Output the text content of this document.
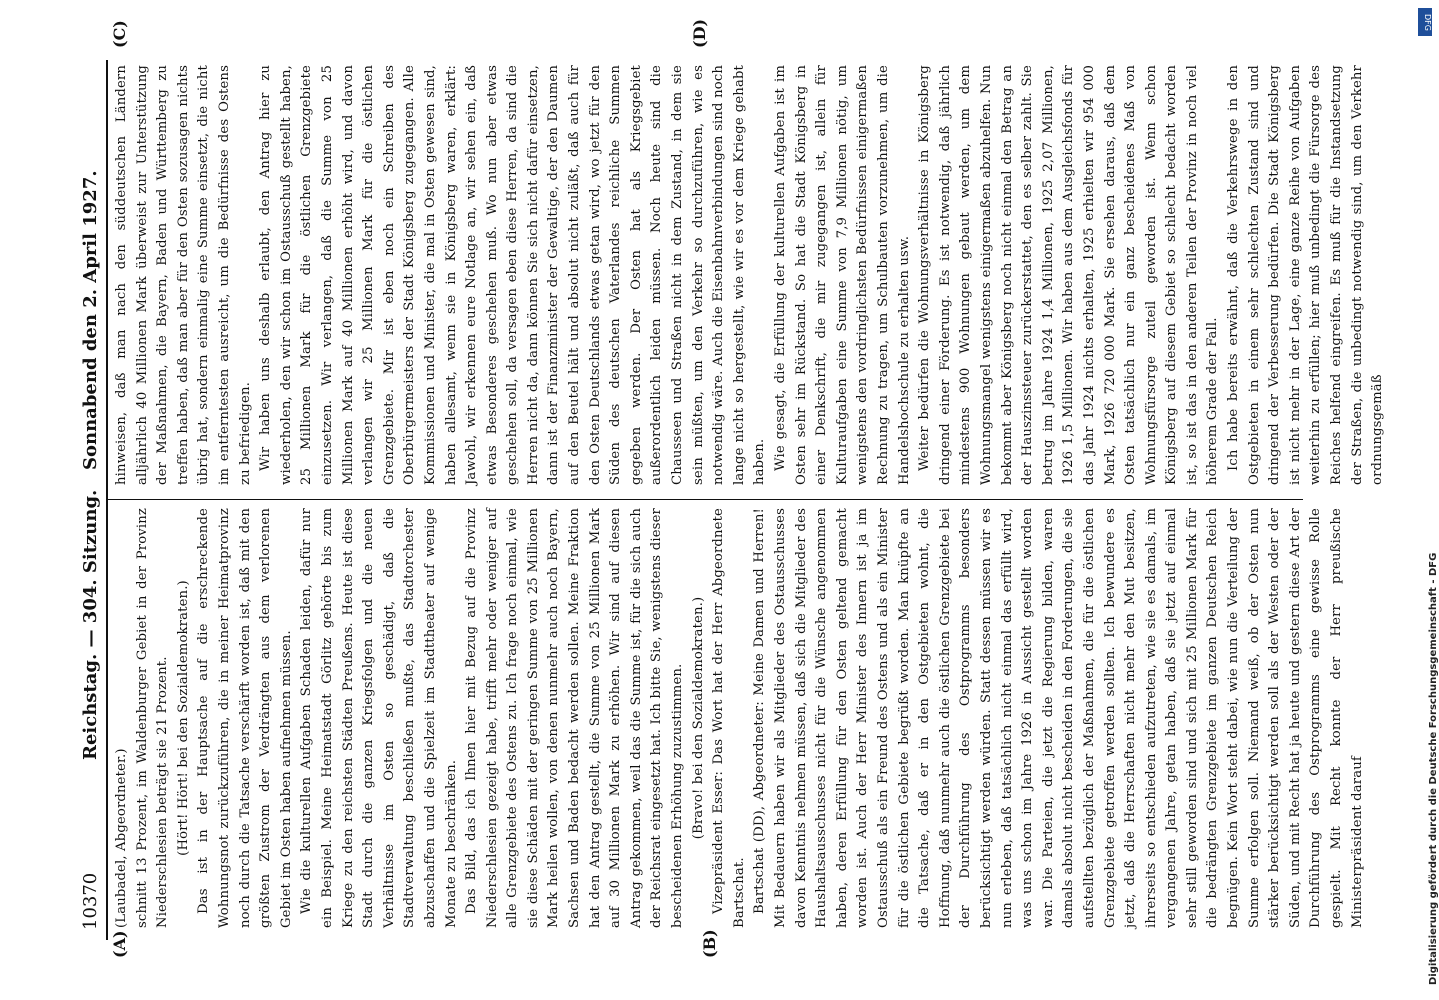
10370
Reichstag. — 304. Sitzung.
Sonnabend den 2. April 1927.
(A)	(B)
(C)	(D)

(Laubadel, Abgeordneter.) schnitt 13 Prozent, im Waldenburger Gebiet in der Provinz Niederschlesien beträgt sie 21 Prozent. (Hört! Hört! bei den Sozialdemokraten.) Das ist in der Hauptsache auf die erschreckende Wohnungsnot zurückzuführen, die in meiner Heimatprovinz noch durch die Tatsache verschärft worden ist, daß mit den größten Zustrom der Verdrängten aus dem verlorenen Gebiet im Osten haben aufnehmen müssen. Wie die kulturellen Aufgaben Schaden leiden, dafür nur ein Beispiel. Meine Heimatstadt Görlitz gehörte bis zum Kriege zu den reichsten Städten Preußens. Heute ist diese Stadt durch die ganzen Kriegsfolgen und die neuen Verhältnisse im Osten so geschädigt, daß die Stadtverwaltung beschließen mußte, das Stadtorchester abzuschaffen und die Spielzeit im Stadttheater auf wenige Monate zu beschränken. Das Bild, das ich Ihnen hier mit Bezug auf die Provinz Niederschlesien gezeigt habe, trifft mehr oder weniger auf alle Grenzgebiete des Ostens zu. Ich frage noch einmal, wie sie diese Schäden mit der geringen Summe von 25 Millionen Mark heilen wollen, von denen nunmehr auch noch Bayern, Sachsen und Baden bedacht werden sollen. Meine Fraktion hat den Antrag gestellt, die Summe von 25 Millionen Mark auf 30 Millionen Mark zu erhöhen. Wir sind auf diesen Antrag gekommen, weil das die Summe ist, für die sich auch der Reichsrat eingesetzt hat. Ich bitte Sie, wenigstens dieser bescheidenen Erhöhung zuzustimmen. (Bravo! bei den Sozialdemokraten.) Vizepräsident Esser: Das Wort hat der Herr Abgeordnete Bartschat. Bartschat (DD), Abgeordneter: Meine Damen und Herren! Mit Bedauern haben wir als Mitglieder des Ostausschusses davon Kenntnis nehmen müssen, daß sich die Mitglieder des Haushaltsausschusses nicht für die Wünsche angenommen haben, deren Erfüllung für den Osten geltend gemacht worden ist. Auch der Herr Minister des Innern ist ja im Ostausschuß als ein Freund des Ostens und als ein Minister für die östlichen Gebiete begrüßt worden. Man knüpfte an die Tatsache, daß er in den Ostgebieten wohnt, die Hoffnung, daß nunmehr auch die östlichen Grenzgebiete bei der Durchführung des Ostprogramms besonders berücksichtigt werden würden. Statt dessen müssen wir es nun erleben, daß tatsächlich nicht einmal das erfüllt wird, was uns schon im Jahre 1926 in Aussicht gestellt worden war. Die Parteien, die jetzt die Regierung bilden, waren damals absolut nicht bescheiden in den Forderungen, die sie aufstellten bezüglich der Maßnahmen, die für die östlichen Grenzgebiete getroffen werden sollten. Ich bewundere es jetzt, daß die Herrschaften nicht mehr den Mut besitzen, ihrerseits so entschieden aufzutreten, wie sie es damals, im vergangenen Jahre, getan haben, daß sie jetzt auf einmal sehr still geworden sind und sich mit 25 Millionen Mark für die bedrängten Grenzgebiete im ganzen Deutschen Reich begnügen. Kein Wort steht dabei, wie nun die Verteilung der Summe erfolgen soll. Niemand weiß, ob der Osten nun stärker berücksichtigt werden soll als der Westen oder der Süden, und mit Recht hat ja heute und gestern diese Art der Durchführung des Ostprogramms eine gewisse Rolle gespielt. Mit Recht konnte der Herr preußische Ministerpräsident darauf

hinweisen, daß man nach den süddeutschen Ländern alljährlich 40 Millionen Mark überweist zur Unterstützung der Maßnahmen, die Bayern, Baden und Württemberg zu treffen haben, daß man aber für den Osten sozusagen nichts übrig hat, sondern einmalig eine Summe einsetzt, die nicht im entferntesten ausreicht, um die Bedürfnisse des Ostens zu befriedigen. Wir haben uns deshalb erlaubt, den Antrag hier zu wiederholen, den wir schon im Ostausschuß gestellt haben, 25 Millionen Mark für die östlichen Grenzgebiete einzusetzen. Wir verlangen, daß die Summe von 25 Millionen Mark auf 40 Millionen erhöht wird, und davon verlangen wir 25 Millionen Mark für die östlichen Grenzgebiete. Mir ist eben noch ein Schreiben des Oberbürgermeisters der Stadt Königsberg zugegangen. Alle Kommissionen und Minister, die mal in Osten gewesen sind, haben allesamt, wenn sie in Königsberg waren, erklärt: Jawohl, wir erkennen eure Notlage an, wir sehen ein, daß etwas Besonderes geschehen muß. Wo nun aber etwas geschehen soll, da versagen eben diese Herren, da sind die Herren nicht da, dann können Sie sich nicht dafür einsetzen, dann ist der Finanzminister der Gewaltige, der den Daumen auf den Beutel hält und absolut nicht zuläßt, daß auch für den Osten Deutschlands etwas getan wird, wo jetzt für den Süden des deutschen Vaterlandes reichliche Summen gegeben werden. Der Osten hat als Kriegsgebiet außerordentlich leiden müssen. Noch heute sind die Chausseen und Straßen nicht in dem Zustand, in dem sie sein müßten, um den Verkehr so durchzuführen, wie es notwendig wäre. Auch die Eisenbahnverbindungen sind noch lange nicht so hergestellt, wie wir es vor dem Kriege gehabt haben. Wie gesagt, die Erfüllung der kulturellen Aufgaben ist im Osten sehr im Rückstand. So hat die Stadt Königsberg in einer Denkschrift, die mir zugegangen ist, allein für Kulturaufgaben eine Summe von 7,9 Millionen nötig, um wenigstens den vordringlichsten Bedürfnissen einigermaßen Rechnung zu tragen, um Schulbauten vorzunehmen, um die Handelshochschule zu erhalten usw. Weiter bedürfen die Wohnungsverhältnisse in Königsberg dringend einer Förderung. Es ist notwendig, daß jährlich mindestens 900 Wohnungen gebaut werden, um dem Wohnungsmangel wenigstens einigermaßen abzuhelfen. Nun bekommt aber Königsberg noch nicht einmal den Betrag an der Hauszinssteuer zurückerstattet, den es selber zahlt. Sie betrug im Jahre 1924 1,4 Millionen, 1925 2,07 Millionen, 1926 1,5 Millionen. Wir haben aus dem Ausgleichsfonds für das Jahr 1924 nichts erhalten, 1925 erhielten wir 954 000 Mark, 1926 720 000 Mark. Sie ersehen daraus, daß dem Osten tatsächlich nur ein ganz bescheidenes Maß von Wohnungsfürsorge zuteil geworden ist. Wenn schon Königsberg auf diesem Gebiet so schlecht bedacht worden ist, so ist das in den anderen Teilen der Provinz in noch viel höherem Grade der Fall. Ich habe bereits erwähnt, daß die Verkehrswege in den Ostgebieten in einem sehr schlechten Zustand sind und dringend der Verbesserung bedürfen. Die Stadt Königsberg ist nicht mehr in der Lage, eine ganze Reihe von Aufgaben weiterhin zu erfüllen; hier muß unbedingt die Fürsorge des Reiches helfend eingreifen. Es muß für die Instandsetzung der Straßen, die unbedingt notwendig sind, um den Verkehr ordnungsgemäß

Digitalisierung gefördert durch die Deutsche Forschungsgemeinschaft - DFG
DFG
